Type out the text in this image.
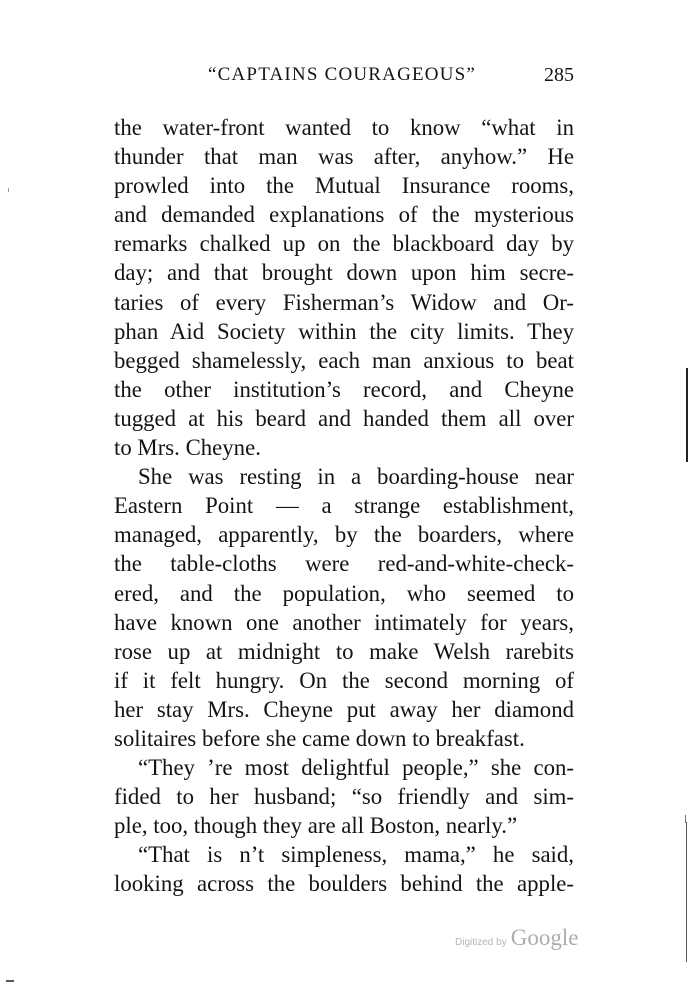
“CAPTAINS COURAGEOUS”	285
the water-front wanted to know “what in
thunder that man was after, anyhow.” He
prowled into the Mutual Insurance rooms,
and demanded explanations of the mysterious
remarks chalked up on the blackboard day by
day; and that brought down upon him secre-
taries of every Fisherman’s Widow and Or-
phan Aid Society within the city limits. They
begged shamelessly, each man anxious to beat
the other institution’s record, and Cheyne
tugged at his beard and handed them all over
to Mrs. Cheyne.
She was resting in a boarding-house near
Eastern Point — a strange establishment,
managed, apparently, by the boarders, where
the table-cloths were red-and-white-check-
ered, and the population, who seemed to
have known one another intimately for years,
rose up at midnight to make Welsh rarebits
if it felt hungry. On the second morning of
her stay Mrs. Cheyne put away her diamond
solitaires before she came down to breakfast.
“They ’re most delightful people,” she con-
fided to her husband; “so friendly and sim-
ple, too, though they are all Boston, nearly.”
“That is n’t simpleness, mama,” he said,
looking across the boulders behind the apple-
Digitized by Google
